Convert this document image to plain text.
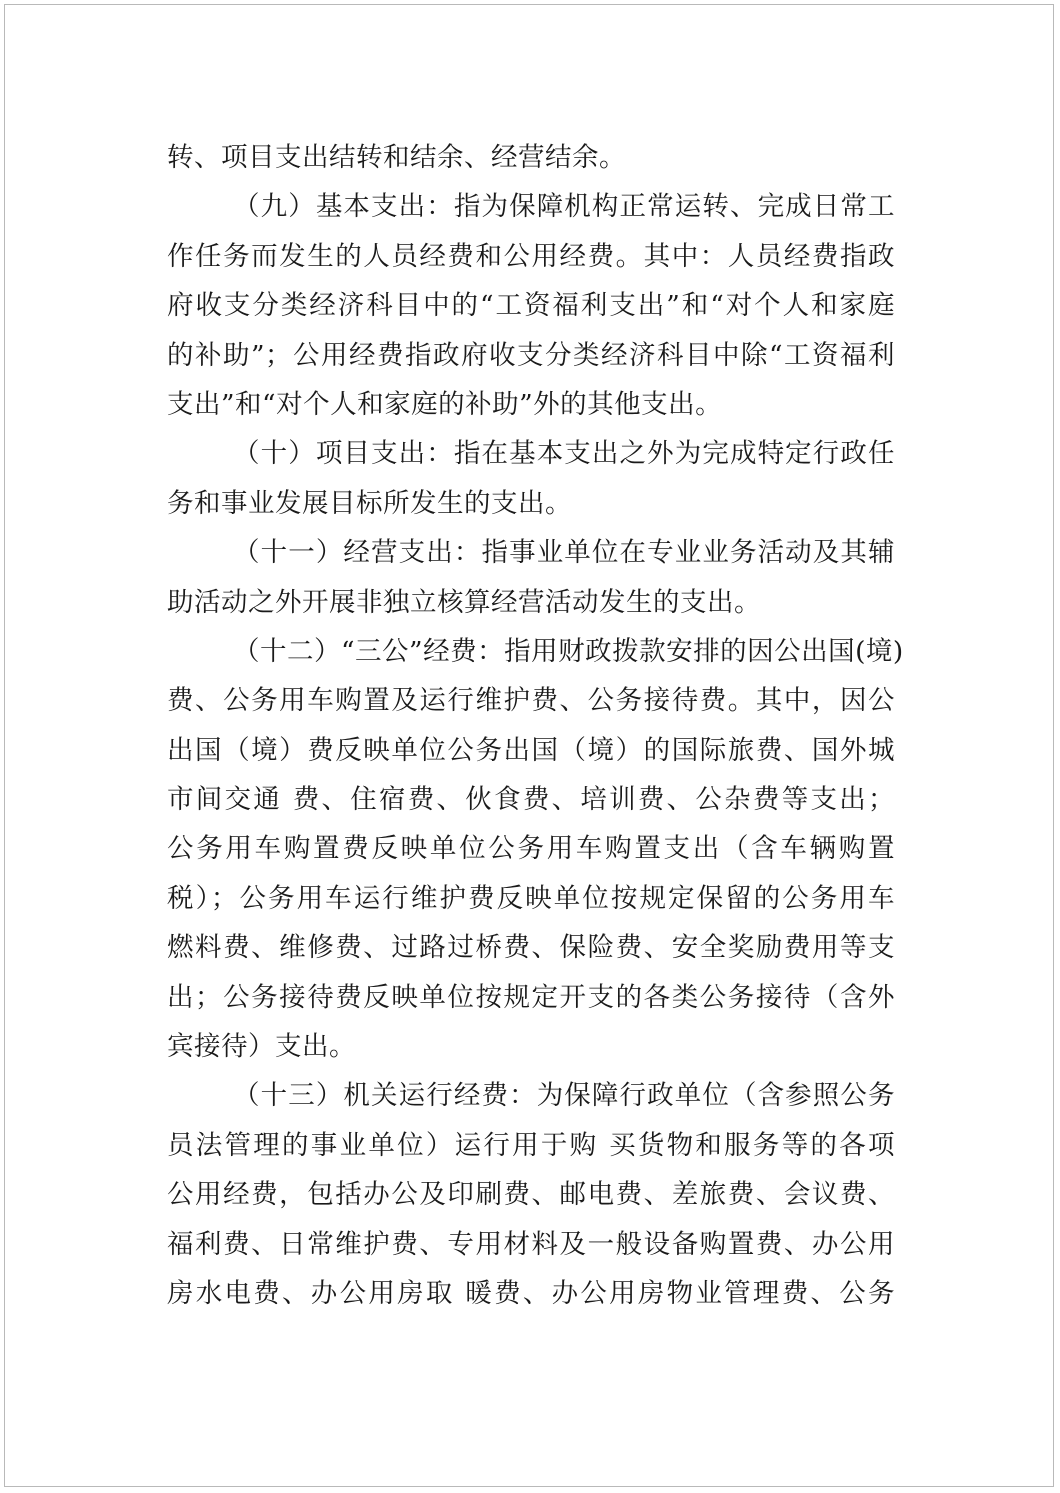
转、项目支出结转和结余、经营结余。
（九）基本支出：指为保障机构正常运转、完成日常工
作任务而发生的人员经费和公用经费。其中：人员经费指政
府收支分类经济科目中的“工资福利支出”和“对个人和家庭
的补助”；公用经费指政府收支分类经济科目中除“工资福利
支出”和“对个人和家庭的补助”外的其他支出。
（十）项目支出：指在基本支出之外为完成特定行政任
务和事业发展目标所发生的支出。
（十一）经营支出：指事业单位在专业业务活动及其辅
助活动之外开展非独立核算经营活动发生的支出。
（十二）“三公”经费：指用财政拨款安排的因公出国(境)
费、公务用车购置及运行维护费、公务接待费。其中，因公
出国（境）费反映单位公务出国（境）的国际旅费、国外城
市间交通 费、住宿费、伙食费、培训费、公杂费等支出；
公务用车购置费反映单位公务用车购置支出（含车辆购置
税）；公务用车运行维护费反映单位按规定保留的公务用车
燃料费、维修费、过路过桥费、保险费、安全奖励费用等支
出；公务接待费反映单位按规定开支的各类公务接待（含外
宾接待）支出。
（十三）机关运行经费：为保障行政单位（含参照公务
员法管理的事业单位）运行用于购 买货物和服务等的各项
公用经费，包括办公及印刷费、邮电费、差旅费、会议费、
福利费、日常维护费、专用材料及一般设备购置费、办公用
房水电费、办公用房取 暖费、办公用房物业管理费、公务
